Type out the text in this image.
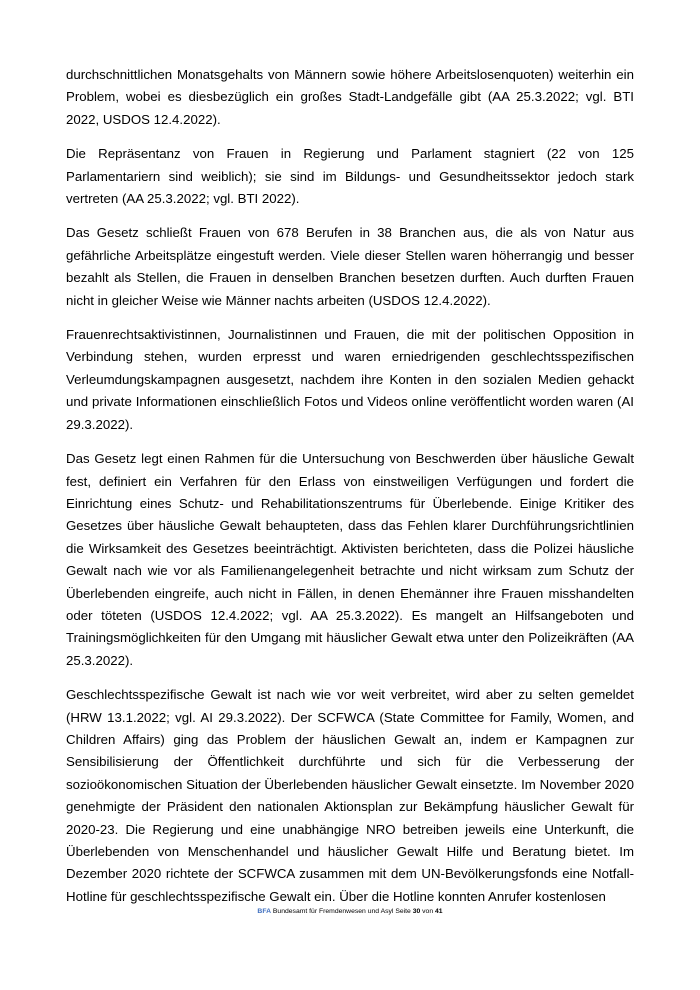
durchschnittlichen Monatsgehalts von Männern sowie höhere Arbeitslosenquoten) weiterhin ein Problem, wobei es diesbezüglich ein großes Stadt-Landgefälle gibt (AA 25.3.2022; vgl. BTI 2022, USDOS 12.4.2022).

Die Repräsentanz von Frauen in Regierung und Parlament stagniert (22 von 125 Parlamentariern sind weiblich); sie sind im Bildungs- und Gesundheitssektor jedoch stark vertreten (AA 25.3.2022; vgl. BTI 2022).

Das Gesetz schließt Frauen von 678 Berufen in 38 Branchen aus, die als von Natur aus gefährliche Arbeitsplätze eingestuft werden. Viele dieser Stellen waren höherrangig und besser bezahlt als Stellen, die Frauen in denselben Branchen besetzen durften. Auch durften Frauen nicht in gleicher Weise wie Männer nachts arbeiten (USDOS 12.4.2022).

Frauenrechtsaktivistinnen, Journalistinnen und Frauen, die mit der politischen Opposition in Verbindung stehen, wurden erpresst und waren erniedrigenden geschlechtsspezifischen Verleumdungskampagnen ausgesetzt, nachdem ihre Konten in den sozialen Medien gehackt und private Informationen einschließlich Fotos und Videos online veröffentlicht worden waren (AI 29.3.2022).

Das Gesetz legt einen Rahmen für die Untersuchung von Beschwerden über häusliche Gewalt fest, definiert ein Verfahren für den Erlass von einstweiligen Verfügungen und fordert die Einrichtung eines Schutz- und Rehabilitationszentrums für Überlebende. Einige Kritiker des Gesetzes über häusliche Gewalt behaupteten, dass das Fehlen klarer Durchführungsrichtlinien die Wirksamkeit des Gesetzes beeinträchtigt. Aktivisten berichteten, dass die Polizei häusliche Gewalt nach wie vor als Familienangelegenheit betrachte und nicht wirksam zum Schutz der Überlebenden eingreife, auch nicht in Fällen, in denen Ehemänner ihre Frauen misshandelten oder töteten (USDOS 12.4.2022; vgl. AA 25.3.2022). Es mangelt an Hilfsangeboten und Trainingsmöglichkeiten für den Umgang mit häuslicher Gewalt etwa unter den Polizeikräften (AA 25.3.2022).

Geschlechtsspezifische Gewalt ist nach wie vor weit verbreitet, wird aber zu selten gemeldet (HRW 13.1.2022; vgl. AI 29.3.2022). Der SCFWCA (State Committee for Family, Women, and Children Affairs) ging das Problem der häuslichen Gewalt an, indem er Kampagnen zur Sensibilisierung der Öffentlichkeit durchführte und sich für die Verbesserung der sozioökonomischen Situation der Überlebenden häuslicher Gewalt einsetzte. Im November 2020 genehmigte der Präsident den nationalen Aktionsplan zur Bekämpfung häuslicher Gewalt für 2020-23. Die Regierung und eine unabhängige NRO betreiben jeweils eine Unterkunft, die Überlebenden von Menschenhandel und häuslicher Gewalt Hilfe und Beratung bietet. Im Dezember 2020 richtete der SCFWCA zusammen mit dem UN-Bevölkerungsfonds eine Notfall-Hotline für geschlechtsspezifische Gewalt ein. Über die Hotline konnten Anrufer kostenlosen

BFA Bundesamt für Fremdenwesen und Asyl Seite 30 von 41
